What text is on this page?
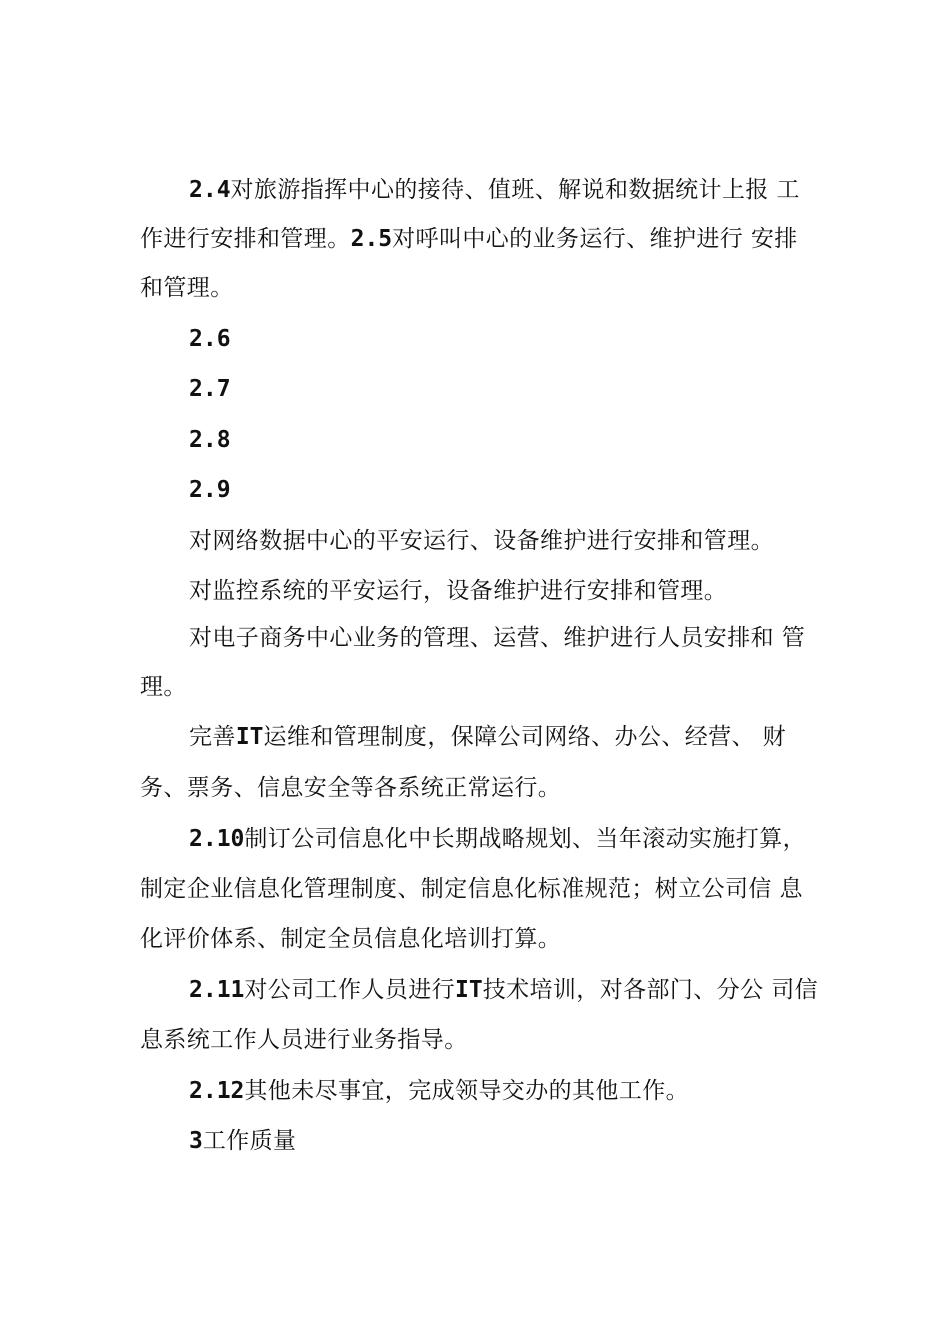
2.4对旅游指挥中心的接待、值班、解说和数据统计上报 工

作进行安排和管理。2.5对呼叫中心的业务运行、维护进行 安排

和管理。

2.6

2.7

2.8

2.9

对网络数据中心的平安运行、设备维护进行安排和管理。

对监控系统的平安运行，设备维护进行安排和管理。

对电子商务中心业务的管理、运营、维护进行人员安排和 管

理。

完善IT运维和管理制度，保障公司网络、办公、经营、 财

务、票务、信息安全等各系统正常运行。

2.10制订公司信息化中长期战略规划、当年滚动实施打算，

制定企业信息化管理制度、制定信息化标准规范；树立公司信 息

化评价体系、制定全员信息化培训打算。

2.11对公司工作人员进行IT技术培训，对各部门、分公 司信

息系统工作人员进行业务指导。

2.12其他未尽事宜，完成领导交办的其他工作。

3工作质量
